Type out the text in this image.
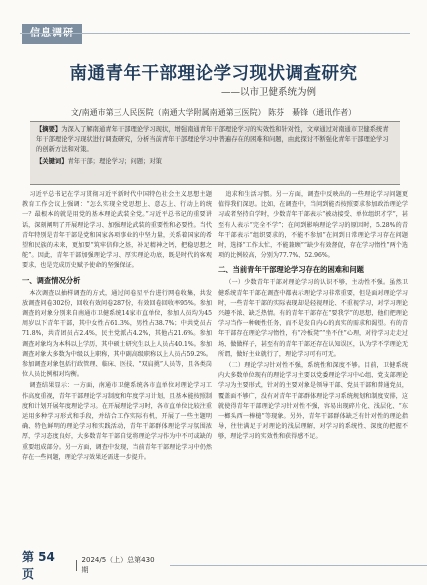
南通青年干部理论学习现状调查研究
——以市卫健系统为例
文/南通市第三人民医院（南通大学附属南通第三医院） 陈芬　綦锋（通讯作者）
【摘要】为深入了解南通青年干部理论学习现状，增强南通青年干部理论学习的实效性和针对性，文章通过对南通市卫健系统青年干部理论学习现状进行调查研究，分析当前青年干部理论学习中普遍存在的困难和问题，由此探讨不断强化青年干部理论学习的创新方法和对策。
【关键词】青年干部；理论学习；问题；对策

习近平总书记在学习贯彻习近平新时代中国特色社会主义思想主题教育工作会议上强调：“怎么实现全党思想上、意志上、行动上的统一？最根本的就是用党的基本理论武装全党。”习近平总书记的重要讲话，深刻阐明了开展理论学习、加强理论武装的重要性和必要性。当代青年特别是青年干部是党和国家各项事业的中坚力量，关系着国家的希望和民族的未来，更加要“筑牢信仰之基，补足精神之钙，把稳思想之舵”。因此，青年干部加强理论学习、厚实理论功底，既是时代的客观要求，也是完成历史赋予使命的坚强保证。

一、调查情况分析

本次调查以抽样调查的方式，通过问卷星平台进行网卷收集，共发放调查问卷302份，回收有效问卷287份，有效回卷回收率95%。参加调查的对象分别来自南通市卫健系统14家市直单位，参加人员均为45周岁以下青年干部，其中女性占61.3%，男性占38.7%；中共党员占71.8%，共青团员占2.4%，民主党派占4.2%，其他占21.6%。参加调查对象均为本科以上学历，其中硕士研究生以上人员占40.1%。参加调查对象大多数为中级以上职称，其中副高级职称以上人员占59.2%。参加调查对象包括行政管理、临床、医技、“双肩挑”人员等，且各类岗位人员比例相对均衡。

调查结果显示：一方面，南通市卫健系统各市直单位对理论学习工作高度重视，青年干部理论学习制度和年度学习计划，且基本能按照制度和计划开展年度理论学习。在开展理论学习时，各市直单位比较注重运用多种学习形式和手段，并结合工作实际有机，开展了一些主题明确、特色鲜明的理论学习和实践活动，青年干部群体理论学习氛围浓厚，学习态度良好，大多数青年干部自觉将理论学习作为中不可或缺的重要组成部分。另一方面，调查中发现，当前青年干部理论学习中仍然存在一些问题，理论学习效果还需进一步提升。

追求和生活习惯。另一方面，调查中反映出的一些理论学习问题更值得我们深思。比如，在调查中，当问到能否按照要求参加政治理论学习或者坚持自学时，少数青年干部表示“被动接受、单位组织才学”，甚至有人表示“完全不学”；在问到影响理论学习的原因时，5.28%的青年干部表示“组织要求的，不能不参加”在问到日常理论学习存在问题时，选择“工作太忙，不能兼顾”“缺少有效督促，存在学习惰性”两个选项的比例较高，分别为77.7%、52.96%。

二、当前青年干部理论学习存在的困难和问题

（一）少数青年干部对理论学习的认识不够，主动性不强。虽然卫健系统青年干部在调查中都表示理论学习非常重要，但是面对理论学习时，一些青年干部的实际表现却是轻视理论、不重视学习，对学习理论兴趣不浓、缺乏热情。有的青年干部存在“要我学”的思想，他们把理论学习当作一种硬性任务，而不是发自内心的真实的需求和渴望。有的青年干部存在理论学习惰性，有“冷板凳”“坐不住”心理，对待学习走走过场、做做样子，甚至有的青年干部还存在认知误区，认为学不学理论无所谓，做好主业就行了，理论学习可有可无。

（二）理论学习针对性不强，系统性和深度不够。目前，卫健系统内大多数单位现有的理论学习主要以党委理论学习中心组、党支部理论学习为主要形式，针对的主要对象是领导干部、党员干部和普通党员，覆盖面不够广，没有对青年干部群体理论学习系统规划和制度安排，这就使得青年干部理论学习针对性不强，容易出现碎片化、浅层化、“东一榔头西一棒槌”等现象。另外，青年干部群体缺乏有针对性的理论指导，往往满足于对理论的浅层理解，对学习的系统性、深度的把握不够，理论学习的实效性和获得感不足。

第 54 页
2024/5（上）总第430期
